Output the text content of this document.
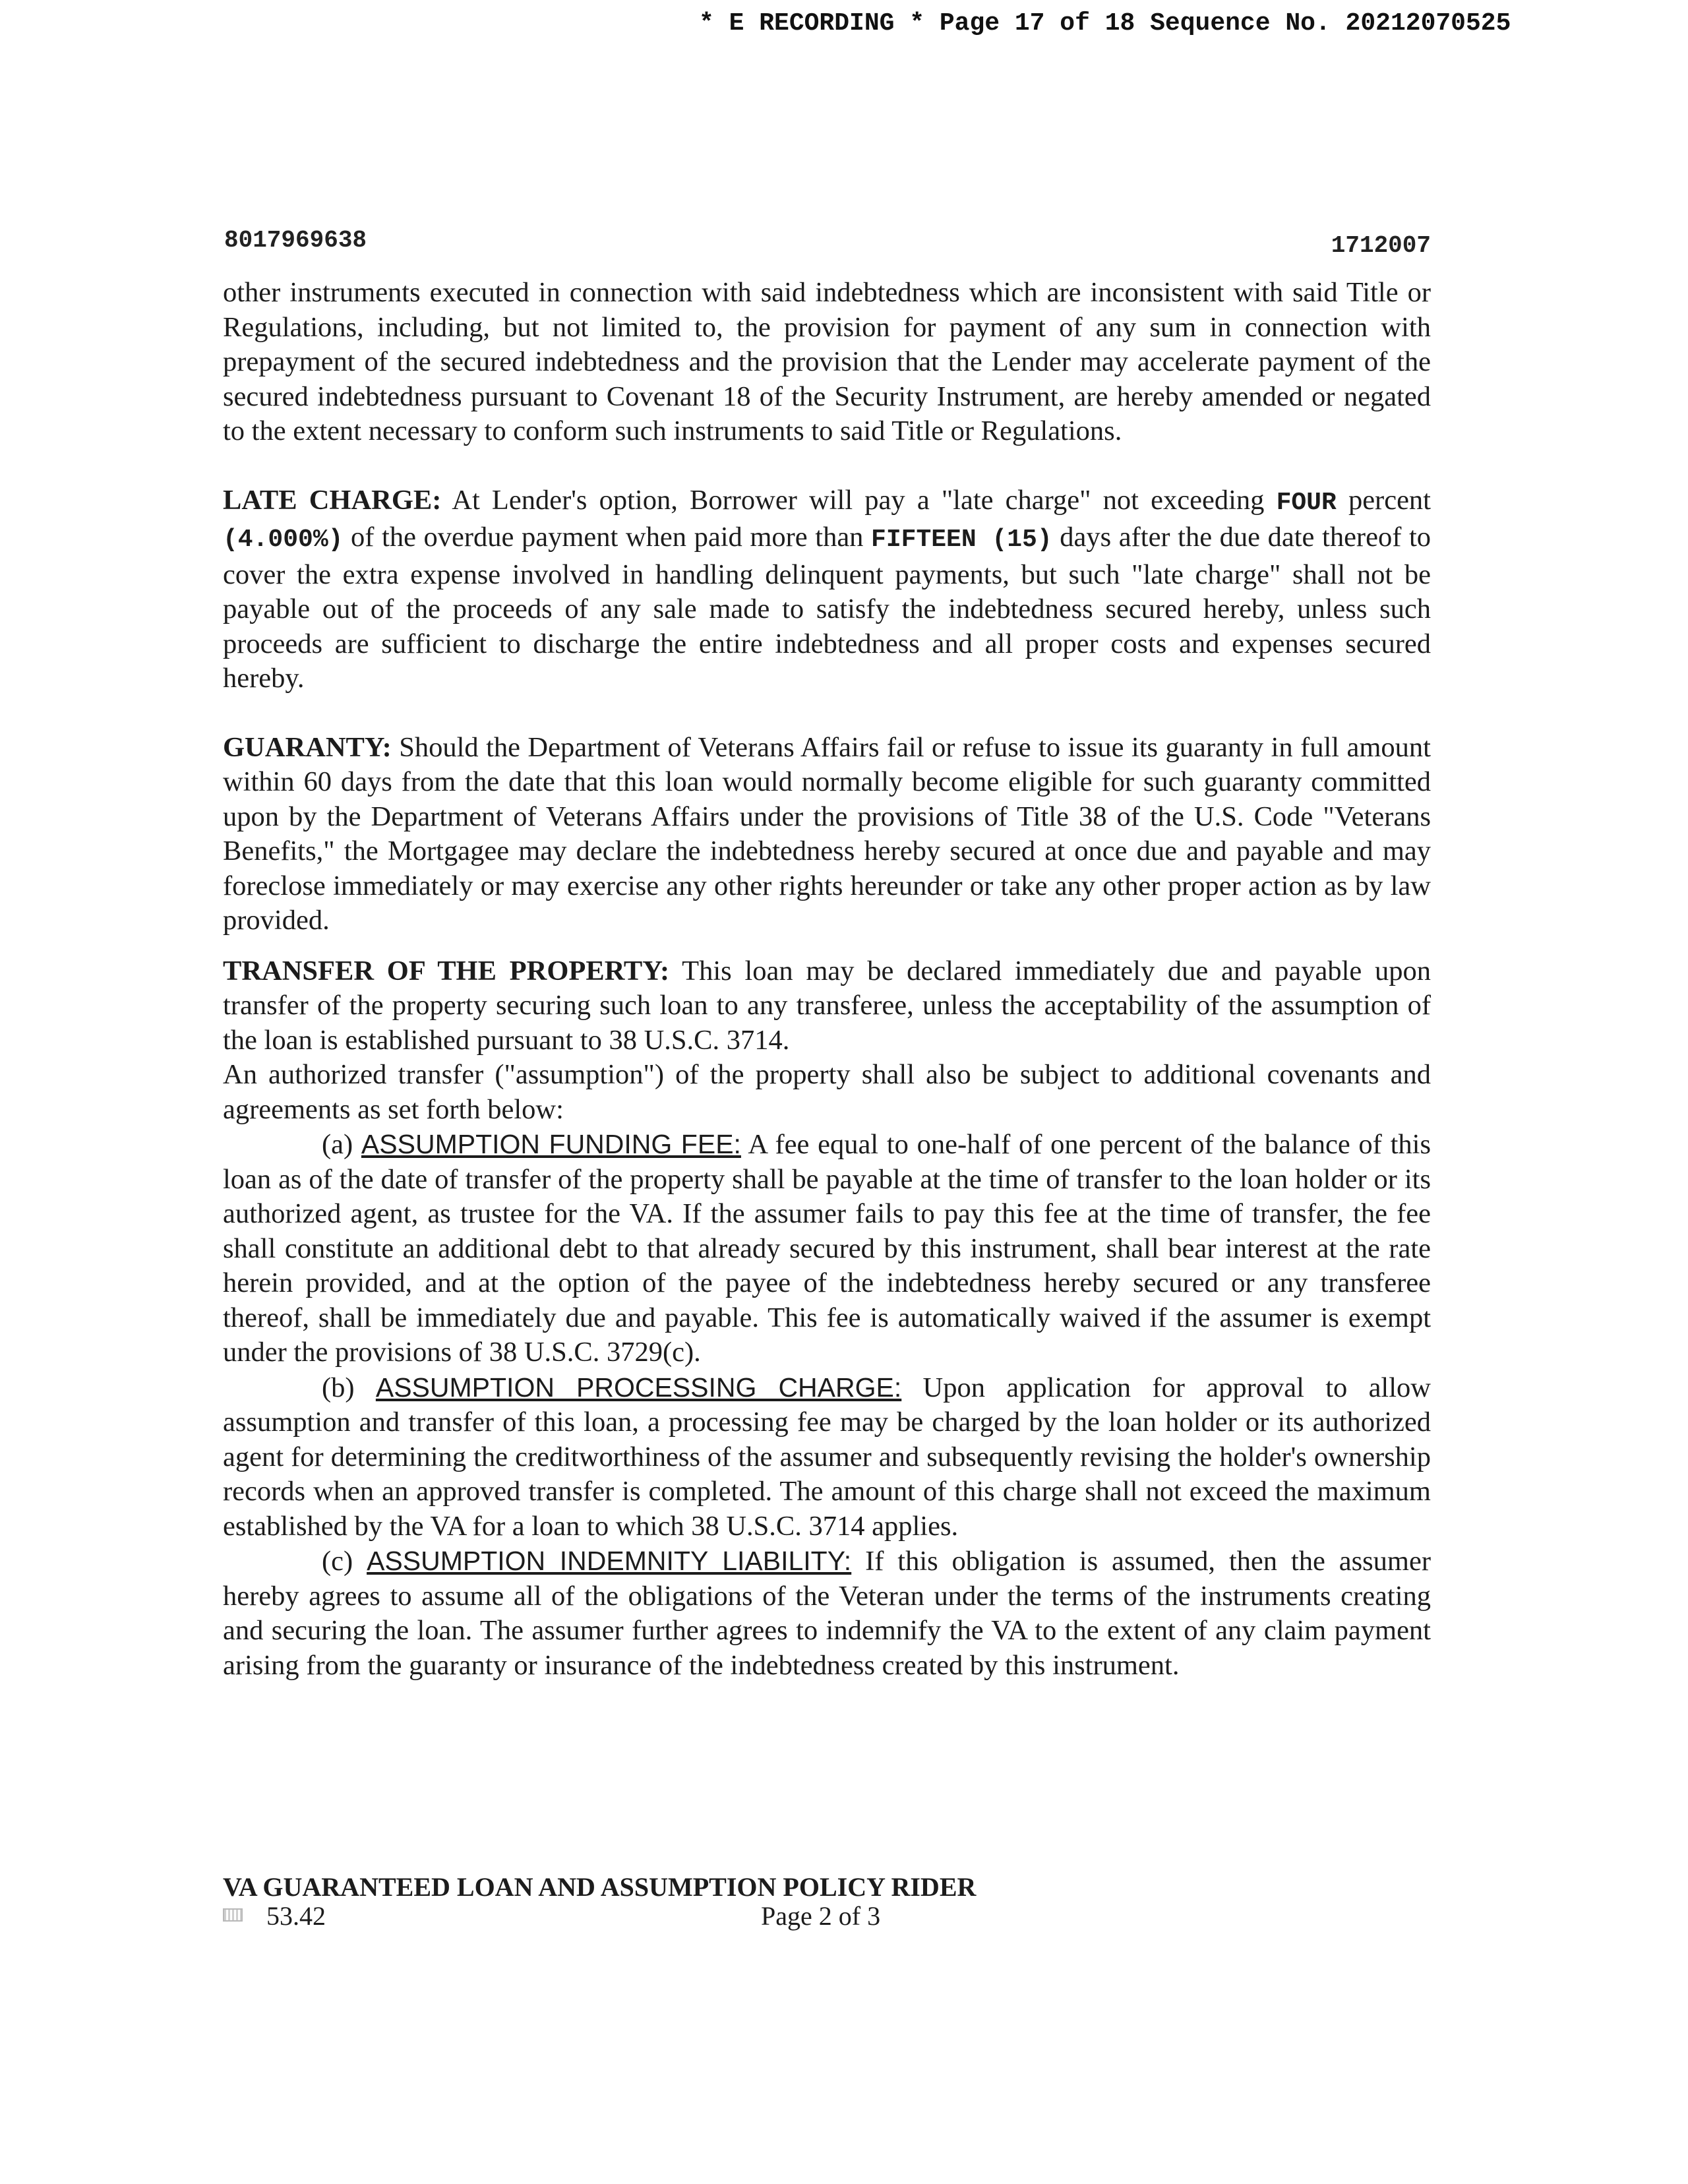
* E RECORDING * Page 17 of 18 Sequence No. 20212070525
8017969638	1712007

other instruments executed in connection with said indebtedness which are inconsistent with said Title or Regulations, including, but not limited to, the provision for payment of any sum in connection with prepayment of the secured indebtedness and the provision that the Lender may accelerate payment of the secured indebtedness pursuant to Covenant 18 of the Security Instrument, are hereby amended or negated to the extent necessary to conform such instruments to said Title or Regulations.

LATE CHARGE: At Lender's option, Borrower will pay a "late charge" not exceeding FOUR percent (4.000%) of the overdue payment when paid more than FIFTEEN (15) days after the due date thereof to cover the extra expense involved in handling delinquent payments, but such "late charge" shall not be payable out of the proceeds of any sale made to satisfy the indebtedness secured hereby, unless such proceeds are sufficient to discharge the entire indebtedness and all proper costs and expenses secured hereby.

GUARANTY: Should the Department of Veterans Affairs fail or refuse to issue its guaranty in full amount within 60 days from the date that this loan would normally become eligible for such guaranty committed upon by the Department of Veterans Affairs under the provisions of Title 38 of the U.S. Code "Veterans Benefits," the Mortgagee may declare the indebtedness hereby secured at once due and payable and may foreclose immediately or may exercise any other rights hereunder or take any other proper action as by law provided.

TRANSFER OF THE PROPERTY: This loan may be declared immediately due and payable upon transfer of the property securing such loan to any transferee, unless the acceptability of the assumption of the loan is established pursuant to 38 U.S.C. 3714.

An authorized transfer ("assumption") of the property shall also be subject to additional covenants and agreements as set forth below:

(a) ASSUMPTION FUNDING FEE: A fee equal to one-half of one percent of the balance of this loan as of the date of transfer of the property shall be payable at the time of transfer to the loan holder or its authorized agent, as trustee for the VA. If the assumer fails to pay this fee at the time of transfer, the fee shall constitute an additional debt to that already secured by this instrument, shall bear interest at the rate herein provided, and at the option of the payee of the indebtedness hereby secured or any transferee thereof, shall be immediately due and payable. This fee is automatically waived if the assumer is exempt under the provisions of 38 U.S.C. 3729(c).

(b) ASSUMPTION PROCESSING CHARGE: Upon application for approval to allow assumption and transfer of this loan, a processing fee may be charged by the loan holder or its authorized agent for determining the creditworthiness of the assumer and subsequently revising the holder's ownership records when an approved transfer is completed. The amount of this charge shall not exceed the maximum established by the VA for a loan to which 38 U.S.C. 3714 applies.

(c) ASSUMPTION INDEMNITY LIABILITY: If this obligation is assumed, then the assumer hereby agrees to assume all of the obligations of the Veteran under the terms of the instruments creating and securing the loan. The assumer further agrees to indemnify the VA to the extent of any claim payment arising from the guaranty or insurance of the indebtedness created by this instrument.

VA GUARANTEED LOAN AND ASSUMPTION POLICY RIDER
53.42	Page 2 of 3
